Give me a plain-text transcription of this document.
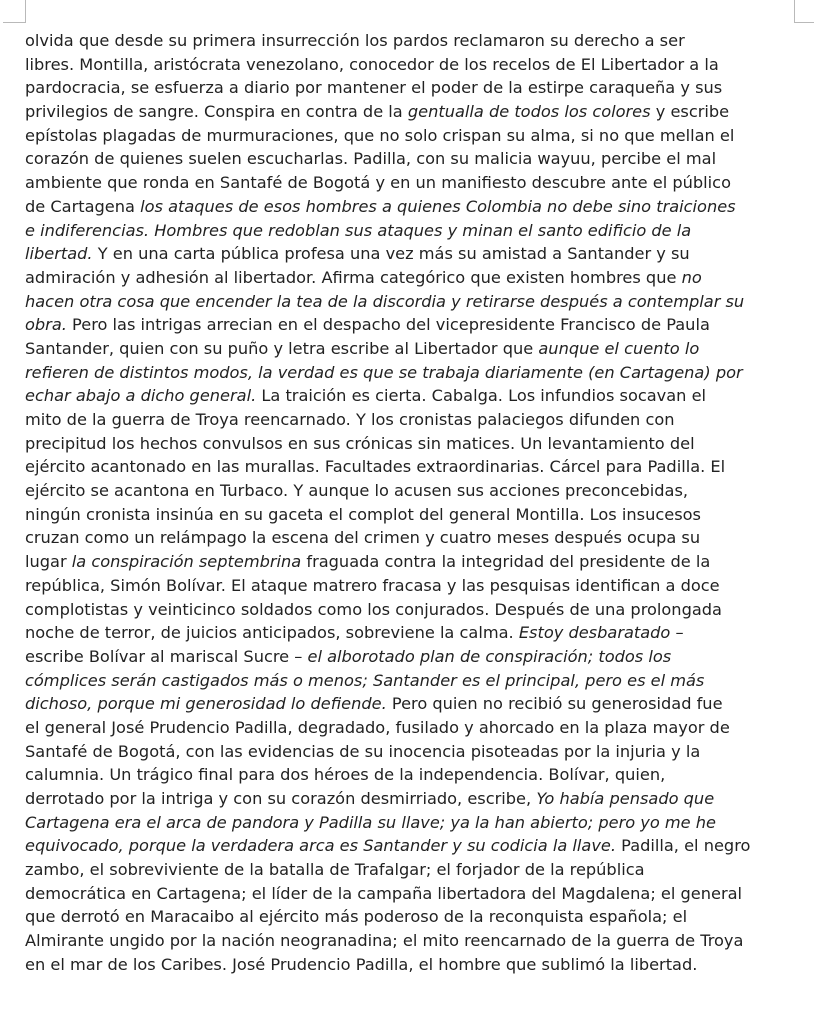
olvida que desde su primera insurrección los pardos reclamaron su derecho a ser
libres. Montilla, aristócrata venezolano, conocedor de los recelos de El Libertador a la
pardocracia, se esfuerza a diario por mantener el poder de la estirpe caraqueña y sus
privilegios de sangre. Conspira en contra de la gentualla de todos los colores y escribe
epístolas plagadas de murmuraciones, que no solo crispan su alma, si no que mellan el
corazón de quienes suelen escucharlas. Padilla, con su malicia wayuu, percibe el mal
ambiente que ronda en Santafé de Bogotá y en un manifiesto descubre ante el público
de Cartagena los ataques de esos hombres a quienes Colombia no debe sino traiciones
e indiferencias. Hombres que redoblan sus ataques y minan el santo edificio de la
libertad. Y en una carta pública profesa una vez más su amistad a Santander y su
admiración y adhesión al libertador. Afirma categórico que existen hombres que no
hacen otra cosa que encender la tea de la discordia y retirarse después a contemplar su
obra. Pero las intrigas arrecian en el despacho del vicepresidente Francisco de Paula
Santander, quien con su puño y letra escribe al Libertador que aunque el cuento lo
refieren de distintos modos, la verdad es que se trabaja diariamente (en Cartagena) por
echar abajo a dicho general. La traición es cierta. Cabalga. Los infundios socavan el
mito de la guerra de Troya reencarnado. Y los cronistas palaciegos difunden con
precipitud los hechos convulsos en sus crónicas sin matices. Un levantamiento del
ejército acantonado en las murallas. Facultades extraordinarias. Cárcel para Padilla. El
ejército se acantona en Turbaco. Y aunque lo acusen sus acciones preconcebidas,
ningún cronista insinúa en su gaceta el complot del general Montilla. Los insucesos
cruzan como un relámpago la escena del crimen y cuatro meses después ocupa su
lugar la conspiración septembrina fraguada contra la integridad del presidente de la
república, Simón Bolívar. El ataque matrero fracasa y las pesquisas identifican a doce
complotistas y veinticinco soldados como los conjurados. Después de una prolongada
noche de terror, de juicios anticipados, sobreviene la calma. Estoy desbaratado –
escribe Bolívar al mariscal Sucre – el alborotado plan de conspiración; todos los
cómplices serán castigados más o menos; Santander es el principal, pero es el más
dichoso, porque mi generosidad lo defiende. Pero quien no recibió su generosidad fue
el general José Prudencio Padilla, degradado, fusilado y ahorcado en la plaza mayor de
Santafé de Bogotá, con las evidencias de su inocencia pisoteadas por la injuria y la
calumnia. Un trágico final para dos héroes de la independencia. Bolívar, quien,
derrotado por la intriga y con su corazón desmirriado, escribe, Yo había pensado que
Cartagena era el arca de pandora y Padilla su llave; ya la han abierto; pero yo me he
equivocado, porque la verdadera arca es Santander y su codicia la llave. Padilla, el negro
zambo, el sobreviviente de la batalla de Trafalgar; el forjador de la república
democrática en Cartagena; el líder de la campaña libertadora del Magdalena; el general
que derrotó en Maracaibo al ejército más poderoso de la reconquista española; el
Almirante ungido por la nación neogranadina; el mito reencarnado de la guerra de Troya
en el mar de los Caribes. José Prudencio Padilla, el hombre que sublimó la libertad.
